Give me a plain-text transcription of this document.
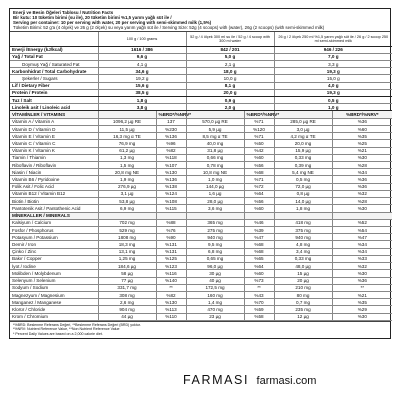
Enerji ve Besin Öğeleri Tablosu / Nutrition Facts
Bir kutu: 10 tüketim birimi (su ile), 20 tüketim birimi %1,5 yarım yağlı süt ile /
Serving per container: 10 per serving with water, 20 per serving with semi-skimmed milk (1,5%)
Tüketim Birimi: 52 g'a (4 ölçek) ve 26 g (2 ölçek) su veya yarım yağlı süt ile / Serving Size: 52g (4 scoops) with (water), 26g (2 scoops) (with semi-skimmed milk)
	100 g / 100 grams		52 g / 4 ölçek 300 ml su ile / 52 g / 4 scoop with 300 ml water		26 g / 2 ölçek 250 ml %1,5 yarım yağlı süt ile / 26 g / 2 scoop 250 ml semi-skimmed milk	
Enerji /Energy (kJ/kcal)	1616 / 386		842 / 201		946 / 226	
Yağ / Total Fat	9,6 g		5,0 g		7,0 g	
Doymuş Yağ / Saturated Fat	4,1 g		2,1 g		3,3 g	
Karbonhidrat / Total Carbohydrate	34,6 g		18,0 g		19,3 g	
Şekerler / Sugars	19,2 g		10,0 g		15,0 g	
Lif / Dietary Fiber	15,6 g		8,1 g		4,0 g	
Protein / Protein	38,5 g		20,0 g		19,3 g	
Tuz / Salt	1,8 g		0,9 g		0,5 g	
Linoleik asit / Linoleic acid	3,8 g		2,0 g		1,0 g	
VİTAMİNLER / VITAMINS		%BRD*/%NRV*		%BRD*/%NRV*		%BRD*/%NRV*
Vitamin A / Vitamin A	1096,2 µg RE	137	570,0 µg RE	%71	285,0 µg RE	%36
Vitamin D / Vitamin D	11,5 µg	%230	5,9 µg	%120	3,0 µg	%60
Vitamin E / Vitamin E	16,3 mg α TE	%136	8,5 mg α TE	%71	4,2 mg α TE	%35
Vitamin C / Vitamin C	76,9 mg	%96	40,0 mg	%50	20,0 mg	%25
Vitamin K / Vitamin K	61,2 µg	%82	31,8 µg	%42	15,9 µg	%21
Tiamin / Thiamin	1,3 mg	%118	0,66 mg	%60	0,33 mg	%30
Riboflavin / Riboflavin	1,5 mg	%107	0,78 mg	%56	0,39 mg	%28
Niasin / Niacin	20,8 mg NE	%130	10,8 mg NE	%68	5,4 mg NE	%34
Vitamin B6 / Pyridoxine	1,9 mg	%136	1,0 mg	%71	0,5 mg	%36
Folik Asit / Folic Acid	276,9 µg	%138	144,0 µg	%72	72,0 µg	%36
Vitamin B12 / Vitamin B12	3,1 µg	%124	1,6 µg	%64	0,8 µg	%32
Biotin / Biotin	53,8 µg	%108	28,0 µg	%56	14,0 µg	%28
Pantotenik Asit / Pantothenic Acid	6,9 mg	%115	3,6 mg	%60	1,8 mg	%30
MİNERALLER / MINERALS						
Kalsiyum / Calcium	702 mg	%88	365 mg	%46	418 mg	%52
Fosfor / Phosphorus	529 mg	%76	275 mg	%39	375 mg	%54
Potasyum / Potassium	1808 mg	%90	940 mg	%47	940 mg	%47
Demir / Iron	18,3 mg	%131	9,5 mg	%68	4,8 mg	%34
Çinko / Zinc	13,1 mg	%131	6,8 mg	%68	3,4 mg	%34
Bakır / Copper	1,25 mg	%125	0,65 mg	%65	0,33 mg	%33
İyot / Iodine	184,6 µg	%123	96,0 µg	%64	48,0 µg	%32
Molibden / Molybdenum	58 µg	%116	30 µg	%60	15 µg	%30
Selenyum / Selenium	77 µg	%140	40 µg	%73	20 µg	%36
Sodyum / Sodium	331,7 mg	**	172,5 mg	**	210 mg	**
Magnezyum / Magnesium	308 mg	%82	160 mg	%43	80 mg	%21
Manganez / Manganese	2,6 mg	%130	1,4 mg	%70	0,7 mg	%35
Klorür / Chloride	904 mg	%113	470 mg	%59	235 mg	%29
Krom / Chromium	44 µg	%110	23 µg	%58	12 µg	%30
*%BRD: Beslenme Referans Değeri, **Beslenme Referans Değeri (BRD) yoktur.
*%NRV: Nutrient Reference Value, **Non Nutrient Reference Value
* Percent Daily Values are based on a 2,000 calorie diet.
FARMASI farmasi.com
